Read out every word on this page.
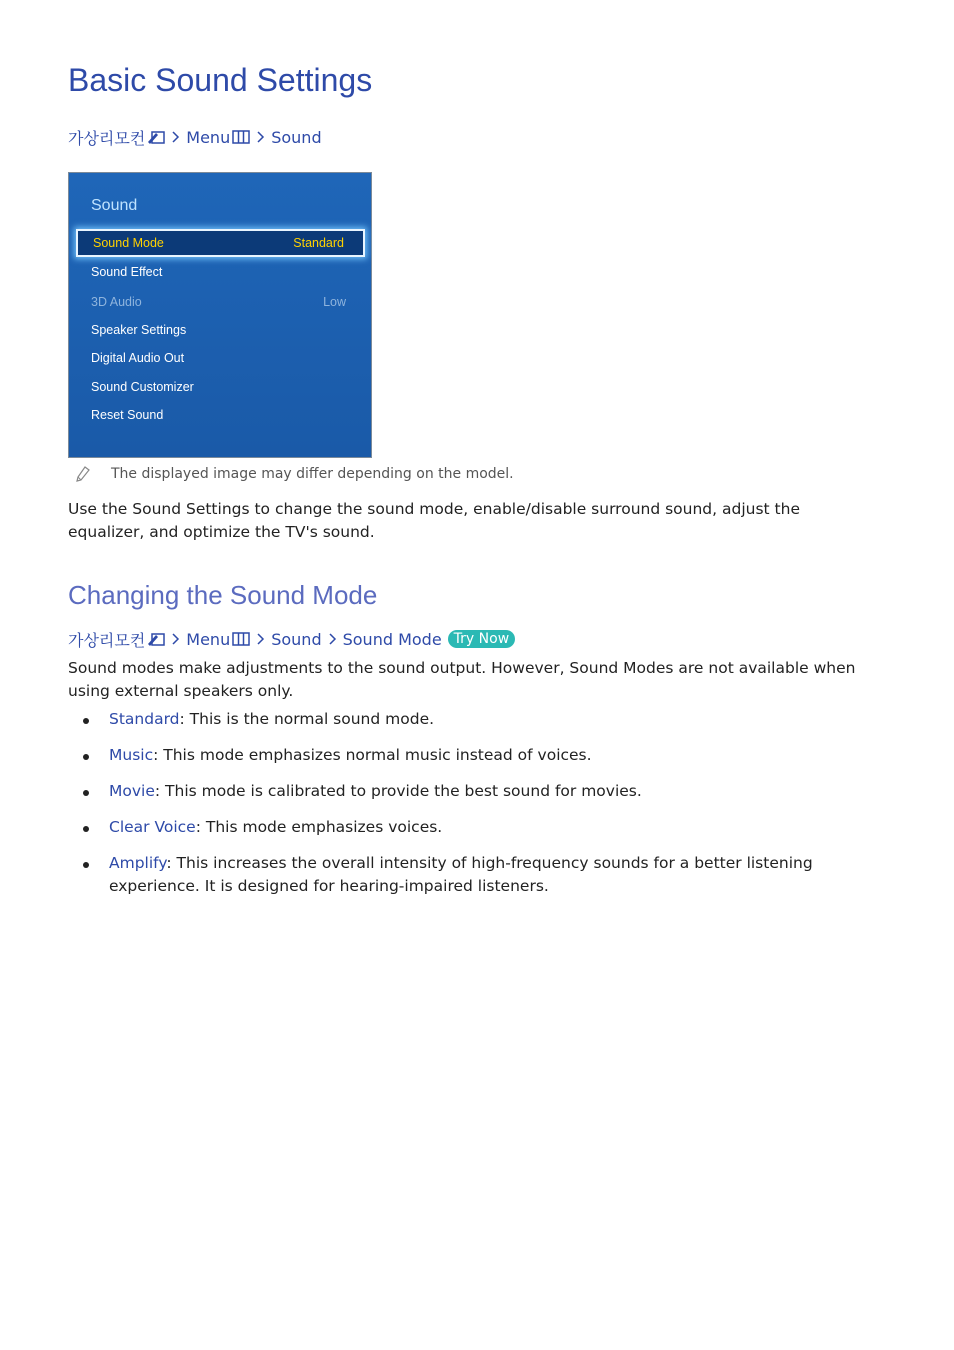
Basic Sound Settings
가상리모컨	Menu	Sound
Sound
Sound Mode	Standard
Sound Effect
3D Audio	Low
Speaker Settings
Digital Audio Out
Sound Customizer
Reset Sound
The displayed image may differ depending on the model.

Use the Sound Settings to change the sound mode, enable/disable surround sound, adjust the
equalizer, and optimize the TV's sound.

Changing the Sound Mode
가상리모컨	Menu	Sound Sound Mode Try Now

Sound modes make adjustments to the sound output. However, Sound Modes are not available when
using external speakers only.

Standard: This is the normal sound mode.
Music: This mode emphasizes normal music instead of voices.
Movie: This mode is calibrated to provide the best sound for movies.
Clear Voice: This mode emphasizes voices.
Amplify: This increases the overall intensity of high-frequency sounds for a better listening
experience. It is designed for hearing-impaired listeners.
